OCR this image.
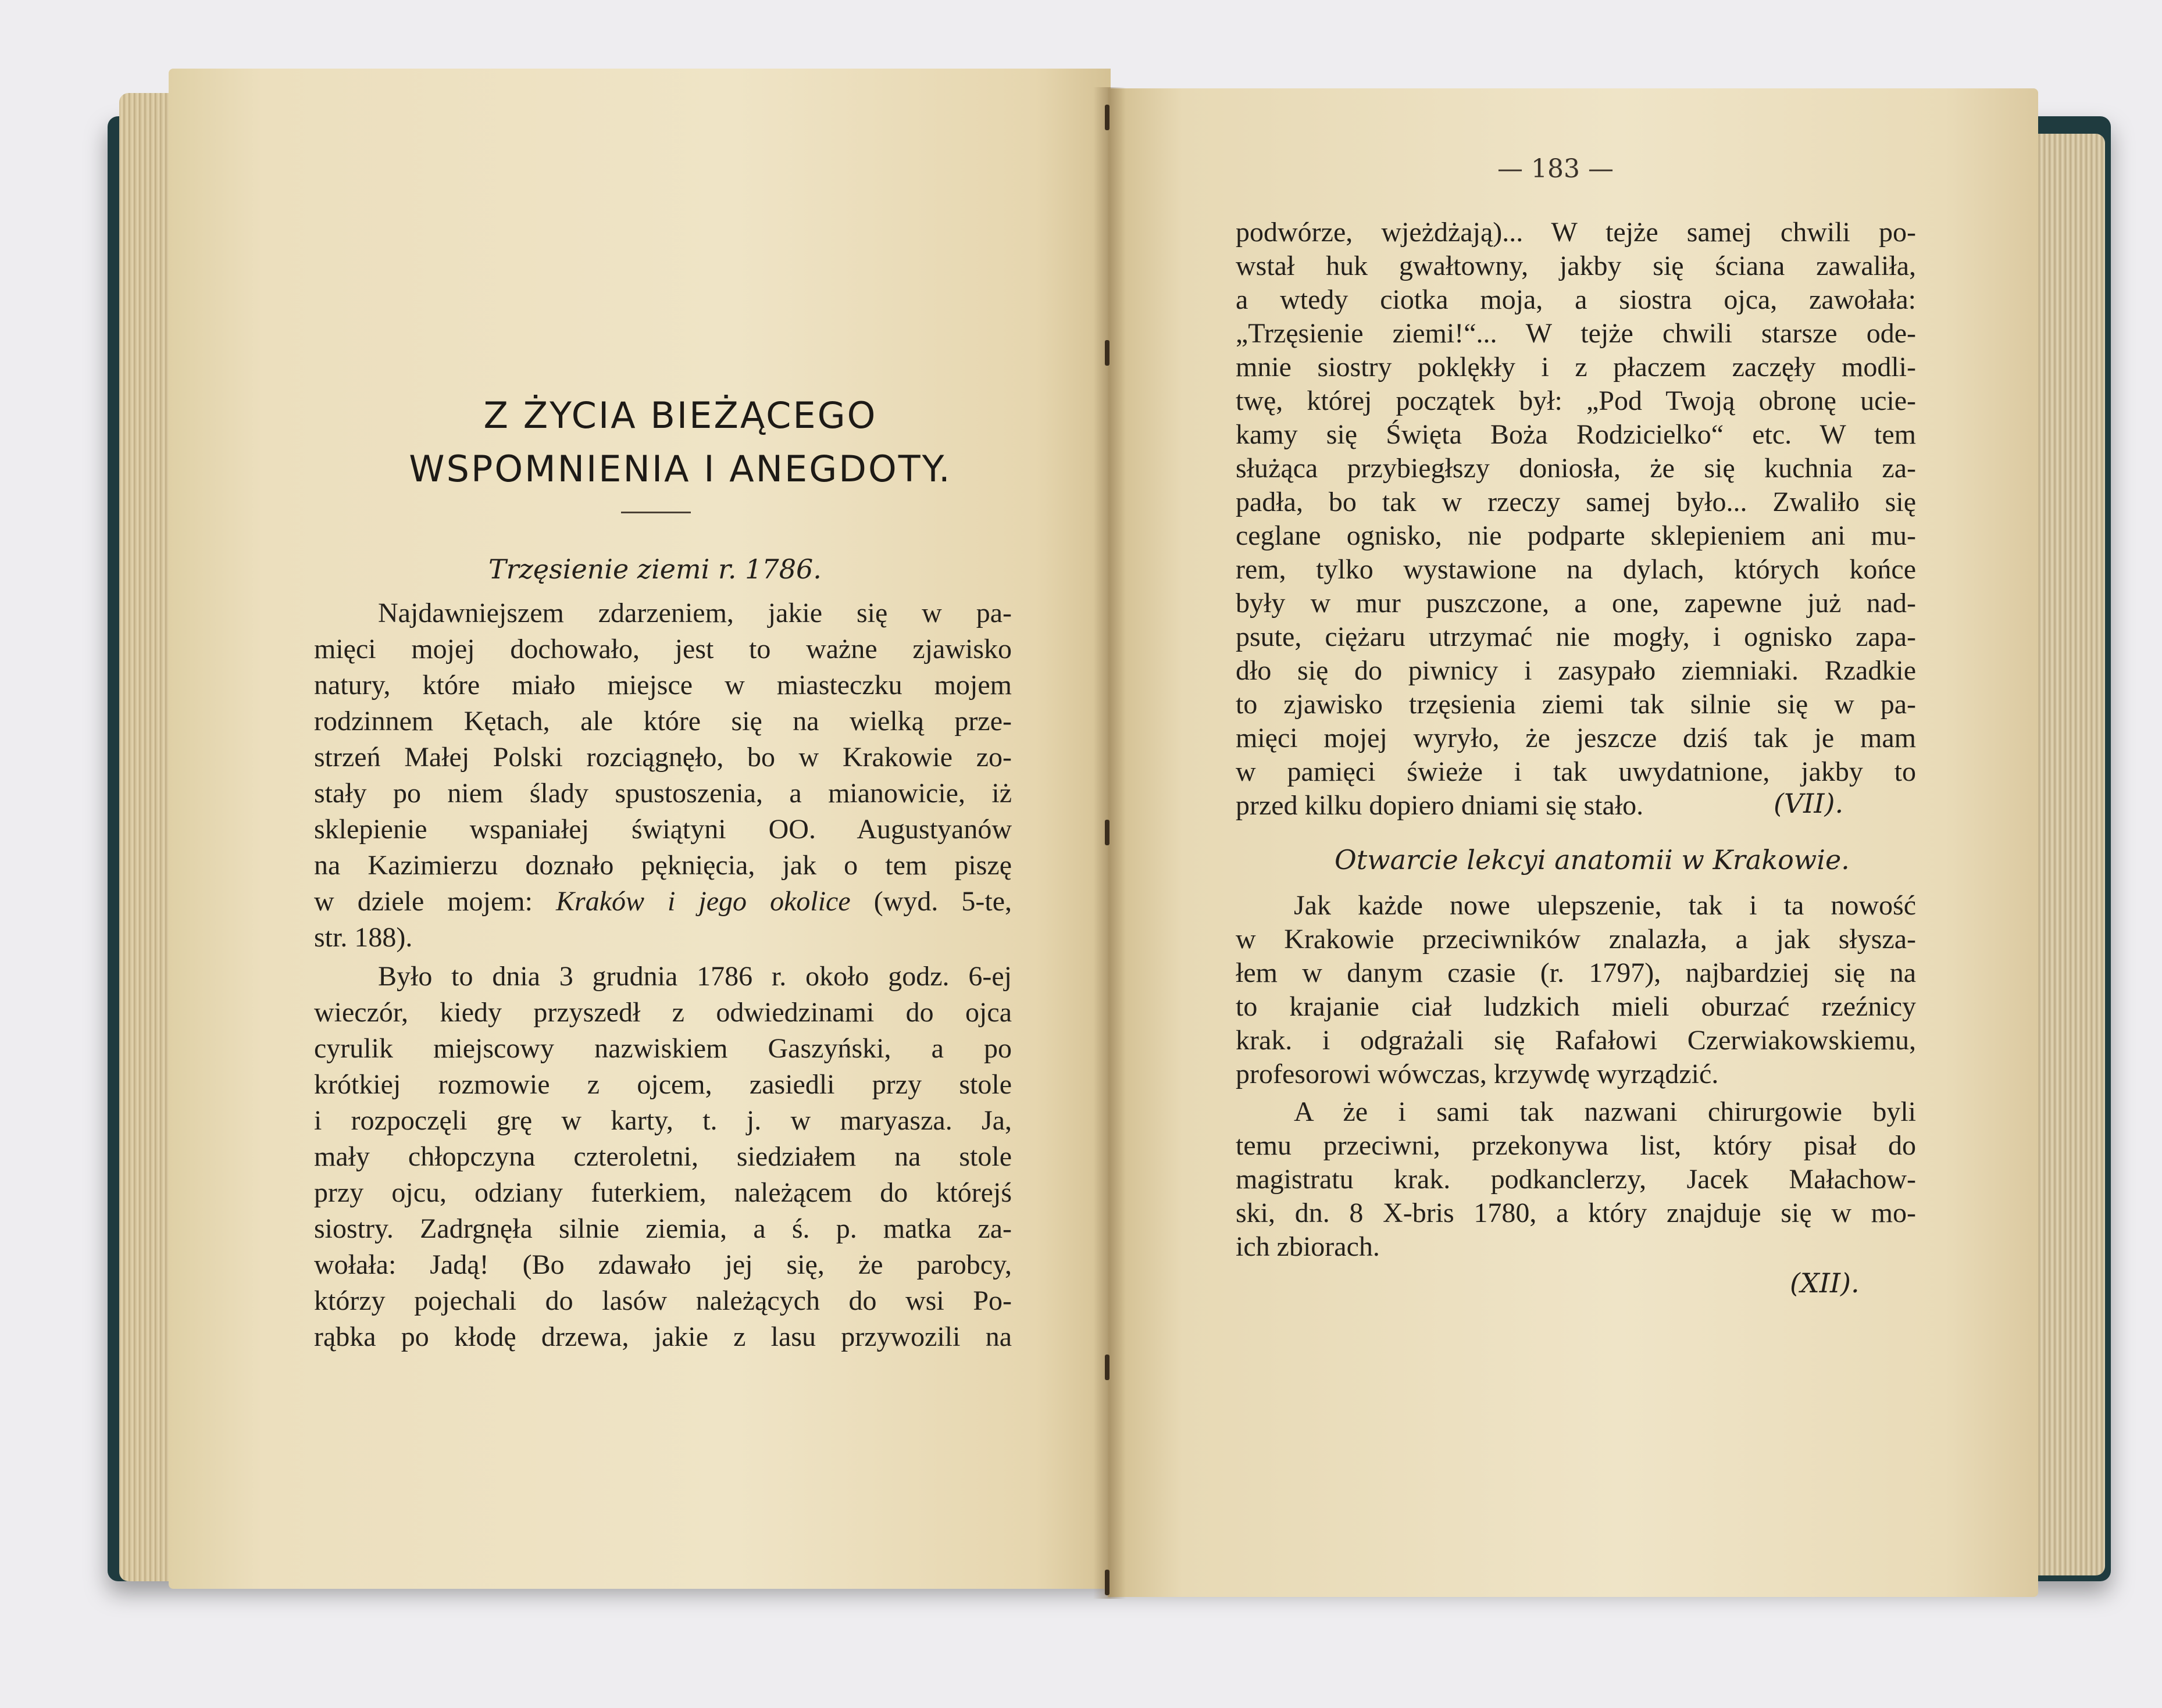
Z ŻYCIA BIEŻĄCEGO
WSPOMNIENIA I ANEGDOTY.
Trzęsienie ziemi r. 1786.

Najdawniejszem zdarzeniem, jakie się w pa-

mięci mojej dochowało, jest to ważne zjawisko

natury, które miało miejsce w miasteczku mojem

rodzinnem Kętach, ale które się na wielką prze-

strzeń Małej Polski rozciągnęło, bo w Krakowie zo-

stały po niem ślady spustoszenia, a mianowicie, iż

sklepienie wspaniałej świątyni OO. Augustyanów

na Kazimierzu doznało pęknięcia, jak o tem piszę

w dziele mojem: Kraków i jego okolice (wyd. 5-te,

str. 188).

Było to dnia 3 grudnia 1786 r. około godz. 6-ej

wieczór, kiedy przyszedł z odwiedzinami do ojca

cyrulik miejscowy nazwiskiem Gaszyński, a po

krótkiej rozmowie z ojcem, zasiedli przy stole

i rozpoczęli grę w karty, t. j. w maryasza. Ja,

mały chłopczyna czteroletni, siedziałem na stole

przy ojcu, odziany futerkiem, należącem do którejś

siostry. Zadrgnęła silnie ziemia, a ś. p. matka za-

wołała: Jadą! (Bo zdawało jej się, że parobcy,

którzy pojechali do lasów należących do wsi Po-

rąbka po kłodę drzewa, jakie z lasu przywozili na

— 183 —

podwórze, wjeżdżają)... W tejże samej chwili po-

wstał huk gwałtowny, jakby się ściana zawaliła,

a wtedy ciotka moja, a siostra ojca, zawołała:

„Trzęsienie ziemi!“... W tejże chwili starsze ode-

mnie siostry poklękły i z płaczem zaczęły modli-

twę, której początek był: „Pod Twoją obronę ucie-

kamy się Święta Boża Rodzicielko“ etc. W tem

służąca przybiegłszy doniosła, że się kuchnia za-

padła, bo tak w rzeczy samej było... Zwaliło się

ceglane ognisko, nie podparte sklepieniem ani mu-

rem, tylko wystawione na dylach, których końce

były w mur puszczone, a one, zapewne już nad-

psute, ciężaru utrzymać nie mogły, i ognisko zapa-

dło się do piwnicy i zasypało ziemniaki. Rzadkie

to zjawisko trzęsienia ziemi tak silnie się w pa-

mięci mojej wyryło, że jeszcze dziś tak je mam

w pamięci świeże i tak uwydatnione, jakby to

przed kilku dopiero dniami się stało.	(VII).

Otwarcie lekcyi anatomii w Krakowie.

Jak każde nowe ulepszenie, tak i ta nowość

w Krakowie przeciwników znalazła, a jak słysza-

łem w danym czasie (r. 1797), najbardziej się na

to krajanie ciał ludzkich mieli oburzać rzeźnicy

krak. i odgrażali się Rafałowi Czerwiakowskiemu,

profesorowi wówczas, krzywdę wyrządzić.

A że i sami tak nazwani chirurgowie byli

temu przeciwni, przekonywa list, który pisał do

magistratu krak. podkanclerzy, Jacek Małachow-

ski, dn. 8 X-bris 1780, a który znajduje się w mo-

ich zbiorach.

(XII).
